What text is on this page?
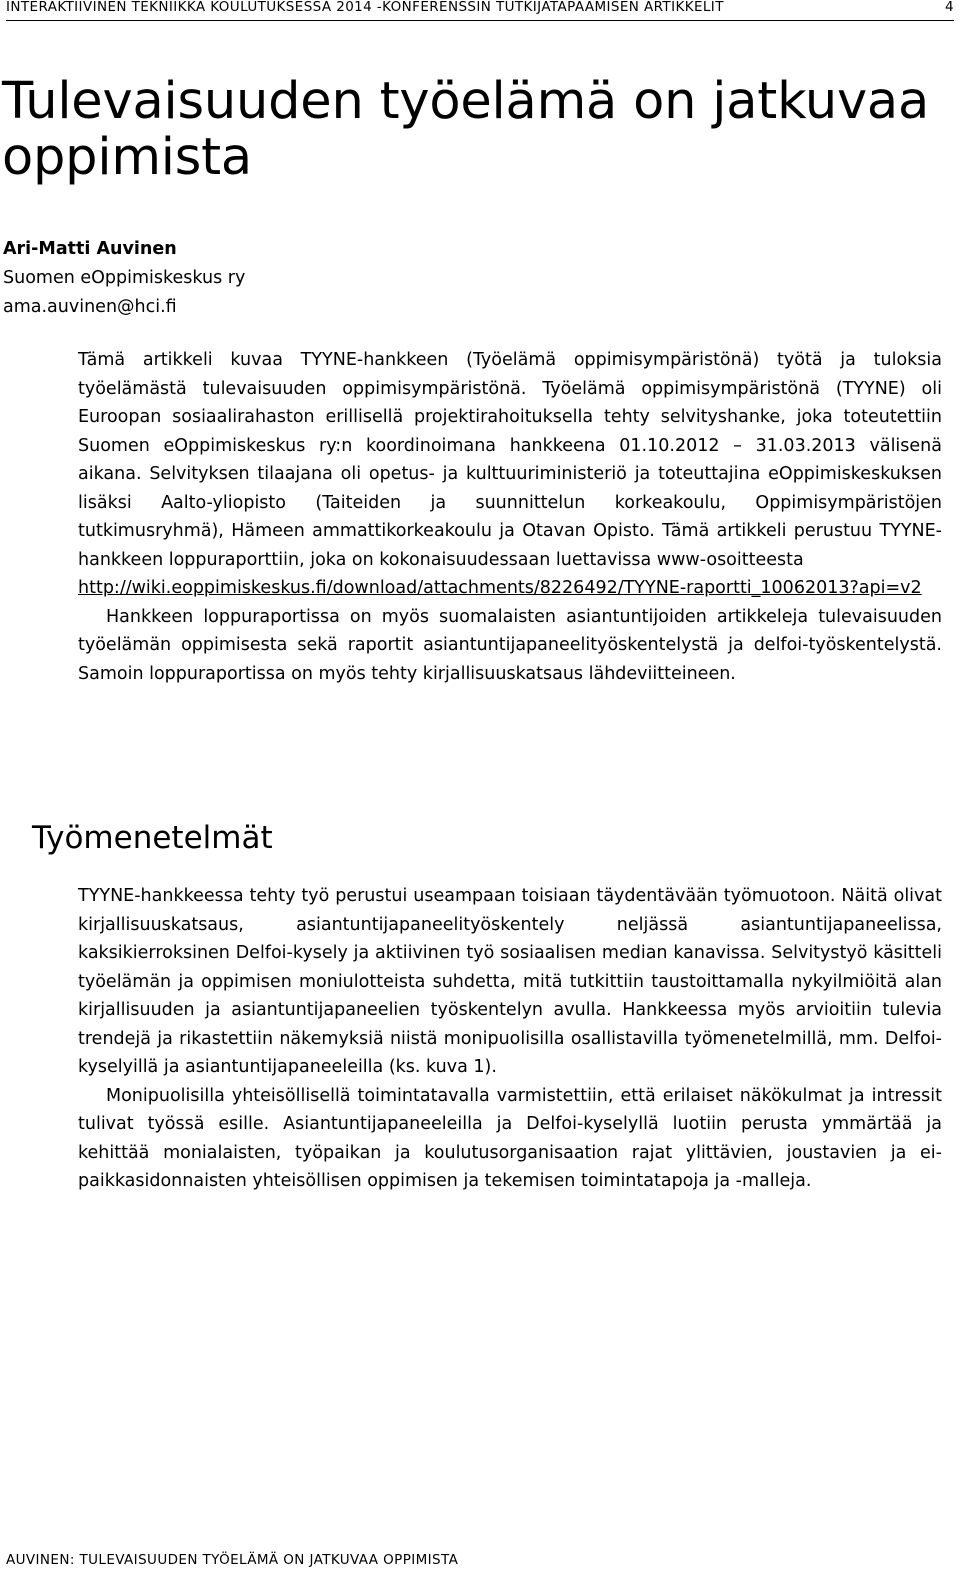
INTERAKTIIVINEN TEKNIIKKA KOULUTUKSESSA 2014 -KONFERENSSIN TUTKIJATAPAAMISEN ARTIKKELIT	4
Tulevaisuuden työelämä on jatkuvaa oppimista
Ari-Matti Auvinen
Suomen eOppimiskeskus ry
ama.auvinen@hci.fi

Tämä artikkeli kuvaa TYYNE-hankkeen (Työelämä oppimisympäristönä) työtä ja tuloksia työelämästä tulevaisuuden oppimisympäristönä. Työelämä oppimisympäristönä (TYYNE) oli Euroopan sosiaalirahaston erillisellä projektirahoituksella tehty selvityshanke, joka toteutettiin Suomen eOppimiskeskus ry:n koordinoimana hankkeena 01.10.2012 – 31.03.2013 välisenä aikana. Selvityksen tilaajana oli opetus- ja kulttuuriministeriö ja toteuttajina eOppimiskeskuksen lisäksi Aalto-yliopisto (Taiteiden ja suunnittelun korkeakoulu, Oppimisympäristöjen tutkimusryhmä), Hämeen ammattikorkeakoulu ja Otavan Opisto. Tämä artikkeli perustuu TYYNE-hankkeen loppuraporttiin, joka on kokonaisuudessaan luettavissa www-osoitteesta

http://wiki.eoppimiskeskus.fi/download/attachments/8226492/TYYNE-raportti_10062013?api=v2

Hankkeen loppuraportissa on myös suomalaisten asiantuntijoiden artikkeleja tulevaisuuden työelämän oppimisesta sekä raportit asiantuntijapaneelityöskentelystä ja delfoi-työskentelystä. Samoin loppuraportissa on myös tehty kirjallisuuskatsaus lähdeviitteineen.

Työmenetelmät

TYYNE-hankkeessa tehty työ perustui useampaan toisiaan täydentävään työmuotoon. Näitä olivat kirjallisuuskatsaus, asiantuntijapaneelityöskentely neljässä asiantuntijapaneelissa, kaksikierroksinen Delfoi-kysely ja aktiivinen työ sosiaalisen median kanavissa. Selvitystyö käsitteli työelämän ja oppimisen moniulotteista suhdetta, mitä tutkittiin taustoittamalla nykyilmiöitä alan kirjallisuuden ja asiantuntijapaneelien työskentelyn avulla. Hankkeessa myös arvioitiin tulevia trendejä ja rikastettiin näkemyksiä niistä monipuolisilla osallistavilla työmenetelmillä, mm. Delfoi-kyselyillä ja asiantuntijapaneeleilla (ks. kuva 1).

Monipuolisilla yhteisöllisellä toimintatavalla varmistettiin, että erilaiset näkökulmat ja intressit tulivat työssä esille. Asiantuntijapaneeleilla ja Delfoi-kyselyllä luotiin perusta ymmärtää ja kehittää monialaisten, työpaikan ja koulutusorganisaation rajat ylittävien, joustavien ja ei-paikkasidonnaisten yhteisöllisen oppimisen ja tekemisen toimintatapoja ja -malleja.

AUVINEN: TULEVAISUUDEN TYÖELÄMÄ ON JATKUVAA OPPIMISTA
